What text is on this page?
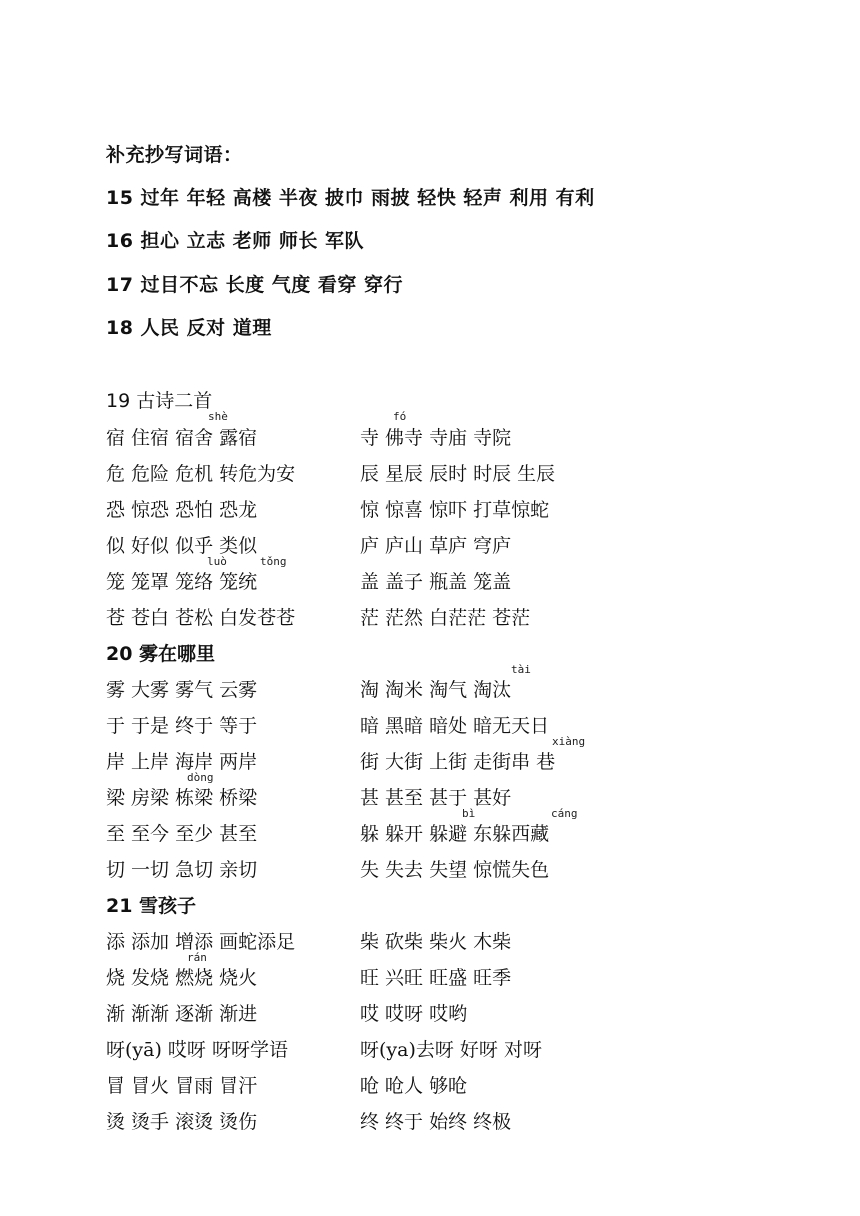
补充抄写词语：
15 过年 年轻 高楼 半夜 披巾 雨披 轻快 轻声 利用 有利
16 担心 立志 老师 师长 军队
17 过目不忘 长度 气度 看穿 穿行
18 人民 反对 道理
19 古诗二首
宿 住宿 宿舍 露宿	寺 佛寺 寺庙 寺院
危 危险 危机 转危为安	辰 星辰 辰时 时辰 生辰
恐 惊恐 恐怕 恐龙	惊 惊喜 惊吓 打草惊蛇
似 好似 似乎 类似	庐 庐山 草庐 穹庐
笼 笼罩 笼络 笼统	盖 盖子 瓶盖 笼盖
苍 苍白 苍松 白发苍苍	茫 茫然 白茫茫 苍茫
20 雾在哪里
雾 大雾 雾气 云雾	淘 淘米 淘气 淘汰
于 于是 终于 等于	暗 黑暗 暗处 暗无天日
岸 上岸 海岸 两岸	街 大街 上街 走街串 巷
梁 房梁 栋梁 桥梁	甚 甚至 甚于 甚好
至 至今 至少 甚至	躲 躲开 躲避 东躲西藏
切 一切 急切 亲切	失 失去 失望 惊慌失色
21 雪孩子
添 添加 增添 画蛇添足	柴 砍柴 柴火 木柴
烧 发烧 燃烧 烧火	旺 兴旺 旺盛 旺季
渐 渐渐 逐渐 渐进	哎 哎呀 哎哟
呀(yā) 哎呀 呀呀学语	呀(ya)去呀 好呀 对呀
冒 冒火 冒雨 冒汗	呛 呛人 够呛
烫 烫手 滚烫 烫伤	终 终于 始终 终极
shè	fó
luò	tǒng
tài
xiàng
dòng
bì	cáng
rán
